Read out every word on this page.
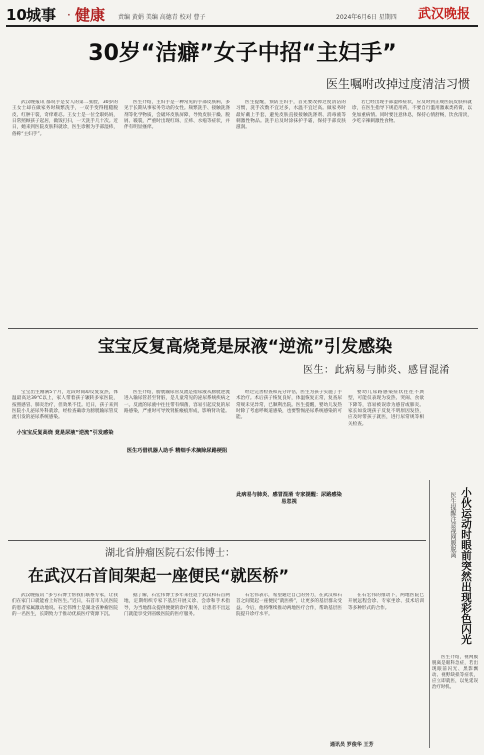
10 城事 · 健康 责编 黄娟 美编 高德青 校对 曹子	2024年6月6日 星期四 武汉晚报
30岁“洁癖”女子中招“主妇手”
医生嘱咐改掉过度清洁习惯

武汉晚报讯 都说手是女人的第二张脸，30岁的王女士却在做家务时频繁洗手，一双手变得粗糙脱皮、红肿干裂，奇痒难忍。王女士是一位全职妈妈，日常照顾孩子起居，做饭打扫，一天洗手几十次。近日，她来到医院皮肤科就诊，医生诊断为手部湿疹，俗称“主妇手”。

医生介绍，主妇手是一种常见的手部皮肤病，多见于长期从事家务劳动的女性。频繁洗手、接触洗涤剂等化学物质，会破坏皮肤屏障，导致皮肤干燥、脱屑、皲裂，严重时出现红斑、丘疹、水疱等症状，并伴有明显瘙痒。

医生提醒，预防主妇手，首先要改掉过度清洁的习惯，洗手次数不宜过多，水温不宜过高。做家务时最好戴上手套，避免皮肤直接接触洗涤剂、消毒液等刺激性物品。洗手后及时涂抹护手霜，保持手部皮肤滋润。

若已经出现手部湿疹症状，应及时到正规医院皮肤科就诊，在医生指导下规范用药，不要自行滥用激素类药膏，以免加重病情。同时要注意休息，保持心情舒畅，饮食清淡，少吃辛辣刺激性食物。

宝宝反复高烧竟是尿液“逆流”引发感染
医生：此病易与肺炎、感冒混淆

宝宝出生刚满5个月，近段时间却反复发热，体温最高达39℃以上，家人带着孩子辗转多家医院，按照感冒、肺炎治疗，但效果不佳。近日，孩子来到医院小儿泌尿外科就诊，经检查确诊为膀胱输尿管反流引发的泌尿系统感染。

小宝宝反复高烧 竟是尿液“逆流”引发感染

医生介绍，膀胱输尿管反流是指尿液从膀胱逆流进入输尿管甚至肾脏，是儿童常见的泌尿系统疾病之一。反流的尿液中往往带有细菌，容易引起反复的尿路感染，严重时可导致肾脏瘢痕形成，影响肾功能。

医生巧借机器人助手 精细手术摘除尿路梗阻

经过完善检查和充分评估，医生为孩子实施了手术治疗。术后孩子恢复良好，体温恢复正常，复查尿常规未见异常，已顺利出院。医生提醒，婴幼儿发热时除了考虑呼吸道感染，也要警惕泌尿系统感染的可能。

此病易与肺炎、感冒混淆 专家提醒：尿路感染易忽视

婴幼儿尿路感染症状往往不典型，可能仅表现为发热、哭闹、食欲下降等，容易被误诊为感冒或肺炎。家长如发现孩子反复不明原因发热，应及时带孩子就医，进行尿常规等相关检查。

湖北省肿瘤医院石宏伟博士：
在武汉石首间架起一座便民“就医桥”

武汉晚报讯 “多亏石博士帮我们联系专家，让我们在家门口就能看上好医生。”近日，石首市人民医院的患者家属激动地说。石宏伟博士是湖北省肿瘤医院的一名医生，长期致力于推动优质医疗资源下沉。

据了解，石宏伟博士多年来往返于武汉和石首两地，定期组织专家下基层开展义诊、会诊和手术指导，为当地群众提供便捷的诊疗服务，让患者不出远门就能享受到省级医院的医疗服务。

石宏伟表示，希望通过自己的努力，在武汉和石首之间架起一座便民“就医桥”，让更多的基层群众受益。今后，他将继续推动两地医疗合作，帮助基层医院提升诊疗水平。

在石宏伟的推动下，两地医院已开展远程会诊、专家坐诊、技术培训等多种形式的合作。

通讯员 罗俊华 王芳
小伙运动时眼前突然出现彩色闪光
医生提醒注意视网膜脱离

医生介绍，视网膜脱离是眼科急症，若出现眼前闪光、黑影飘动、视野缺损等症状，应立即就医，以免延误治疗时机。
